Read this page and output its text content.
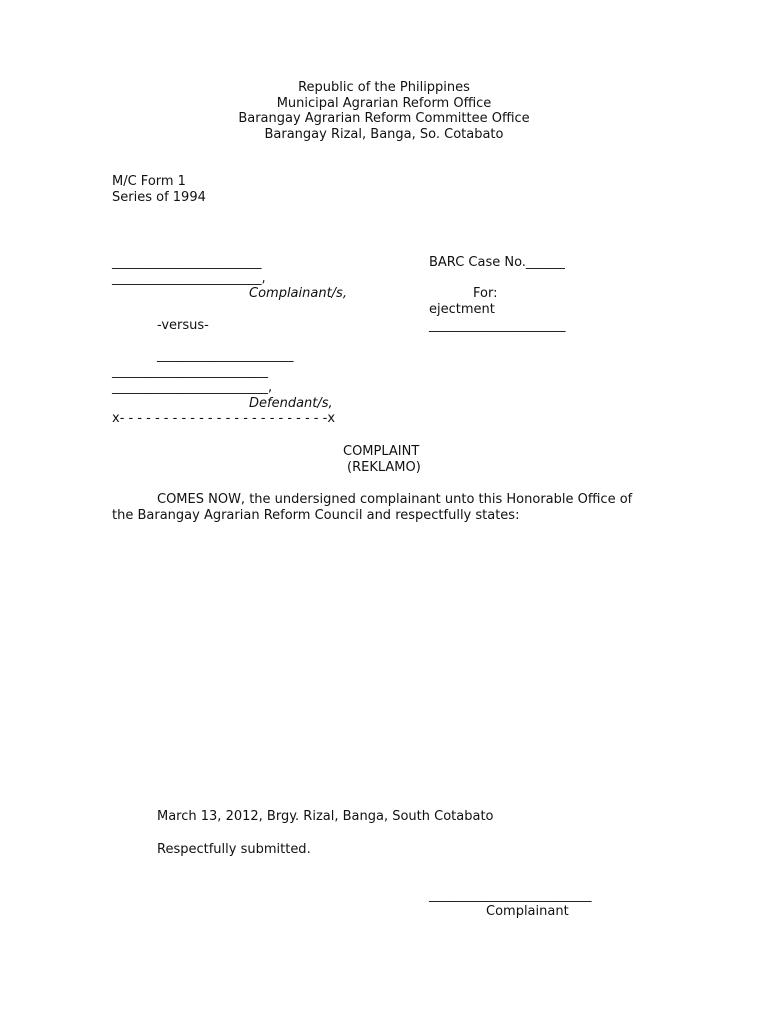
Republic of the Philippines
Municipal Agrarian Reform Office
Barangay Agrarian Reform Committee Office
Barangay Rizal, Banga, So. Cotabato
M/C Form 1
Series of 1994
_______________________
_______________________,
Complainant/s,
-versus-
_____________________
________________________
________________________,
Defendant/s,
x- - - - - - - - - - - - - - - - - - - - - - - -x
BARC Case No.______
For:
ejectment
_____________________
COMPLAINT
(REKLAMO)
COMES NOW, the undersigned complainant unto this Honorable Office of
the Barangay Agrarian Reform Council and respectfully states:
March 13, 2012, Brgy. Rizal, Banga, South Cotabato
Respectfully submitted.
_________________________
Complainant
